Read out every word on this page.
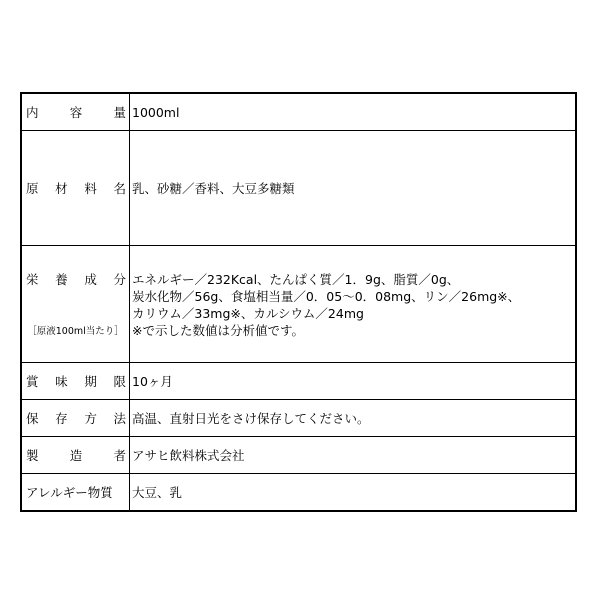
内 容 量	1000ml

原 材 料 名	乳、砂糖／香料、大豆多糖類

栄 養 成 分
［原液100ml当たり］	エネルギー／232Kcal、たんぱく質／1．9g、脂質／0g、
炭水化物／56g、食塩相当量／0．05～0．08mg、リン／26mg※、
カリウム／33mg※、カルシウム／24mg
※で示した数値は分析値です。

賞 味 期 限	10ヶ月

保 存 方 法	高温、直射日光をさけ保存してください。

製 造 者	アサヒ飲料株式会社

アレルギー物質	大豆、乳
